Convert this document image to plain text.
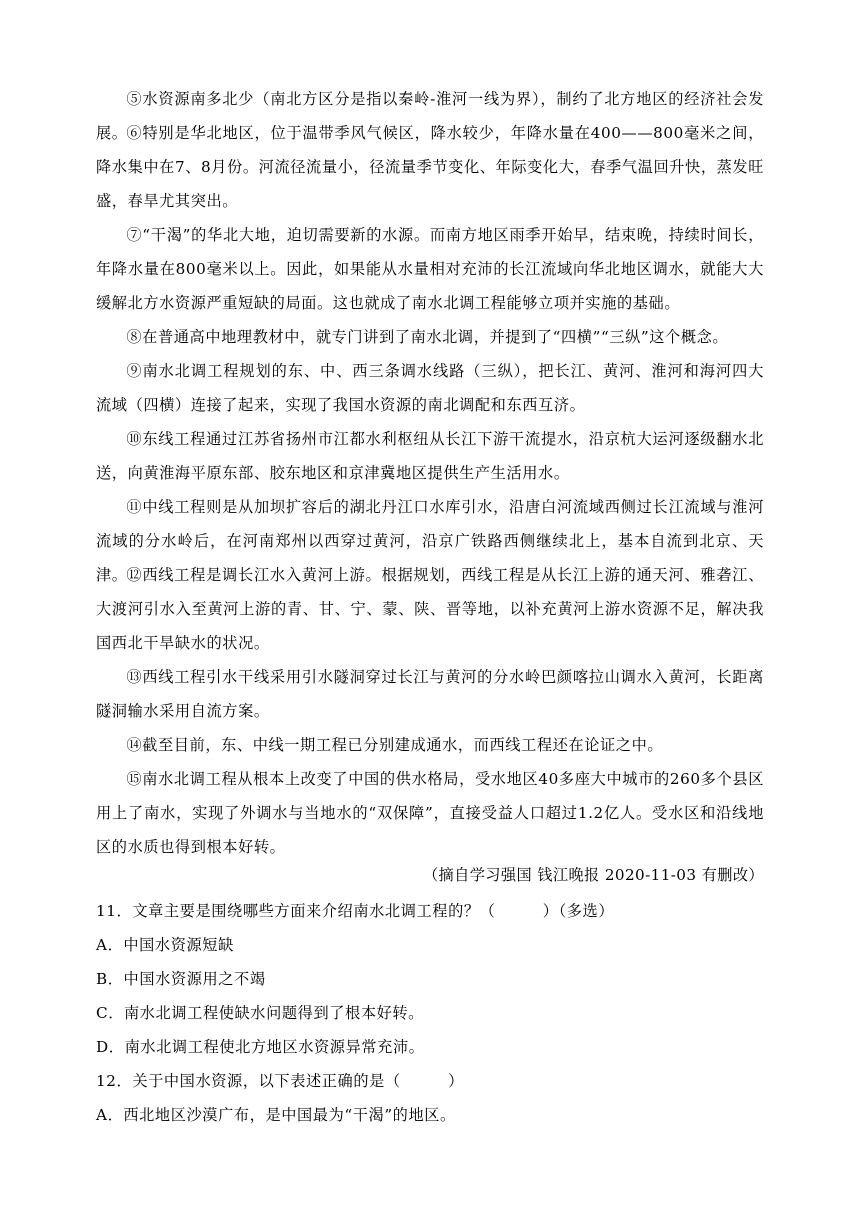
⑤水资源南多北少（南北方区分是指以秦岭-淮河一线为界），制约了北方地区的经济社会发展。

⑥特别是华北地区，位于温带季风气候区，降水较少，年降水量在400——800毫米之间，降水集中在7、8月份。河流径流量小，径流量季节变化、年际变化大，春季气温回升快，蒸发旺盛，春旱尤其突出。

⑦“干渴”的华北大地，迫切需要新的水源。而南方地区雨季开始早，结束晚，持续时间长，年降水量在800毫米以上。因此，如果能从水量相对充沛的长江流域向华北地区调水，就能大大缓解北方水资源严重短缺的局面。这也就成了南水北调工程能够立项并实施的基础。

⑧在普通高中地理教材中，就专门讲到了南水北调，并提到了“四横”“三纵”这个概念。

⑨南水北调工程规划的东、中、西三条调水线路（三纵），把长江、黄河、淮河和海河四大流域（四横）连接了起来，实现了我国水资源的南北调配和东西互济。

⑩东线工程通过江苏省扬州市江都水利枢纽从长江下游干流提水，沿京杭大运河逐级翻水北送，向黄淮海平原东部、胶东地区和京津冀地区提供生产生活用水。

⑪中线工程则是从加坝扩容后的湖北丹江口水库引水，沿唐白河流域西侧过长江流域与淮河流域的分水岭后，在河南郑州以西穿过黄河，沿京广铁路西侧继续北上，基本自流到北京、天津。

⑫西线工程是调长江水入黄河上游。根据规划，西线工程是从长江上游的通天河、雅砻江、大渡河引水入至黄河上游的青、甘、宁、蒙、陕、晋等地，以补充黄河上游水资源不足，解决我国西北干旱缺水的状况。

⑬西线工程引水干线采用引水隧洞穿过长江与黄河的分水岭巴颜喀拉山调水入黄河，长距离隧洞输水采用自流方案。

⑭截至目前，东、中线一期工程已分别建成通水，而西线工程还在论证之中。

⑮南水北调工程从根本上改变了中国的供水格局，受水地区40多座大中城市的260多个县区用上了南水，实现了外调水与当地水的“双保障”，直接受益人口超过1.2亿人。受水区和沿线地区的水质也得到根本好转。

（摘自学习强国 钱江晚报 2020-11-03 有删改）

11．文章主要是围绕哪些方面来介绍南水北调工程的？（　　　）（多选）

A．中国水资源短缺

B．中国水资源用之不竭

C．南水北调工程使缺水问题得到了根本好转。

D．南水北调工程使北方地区水资源异常充沛。

12．关于中国水资源，以下表述正确的是（　　　）

A．西北地区沙漠广布，是中国最为“干渴”的地区。
